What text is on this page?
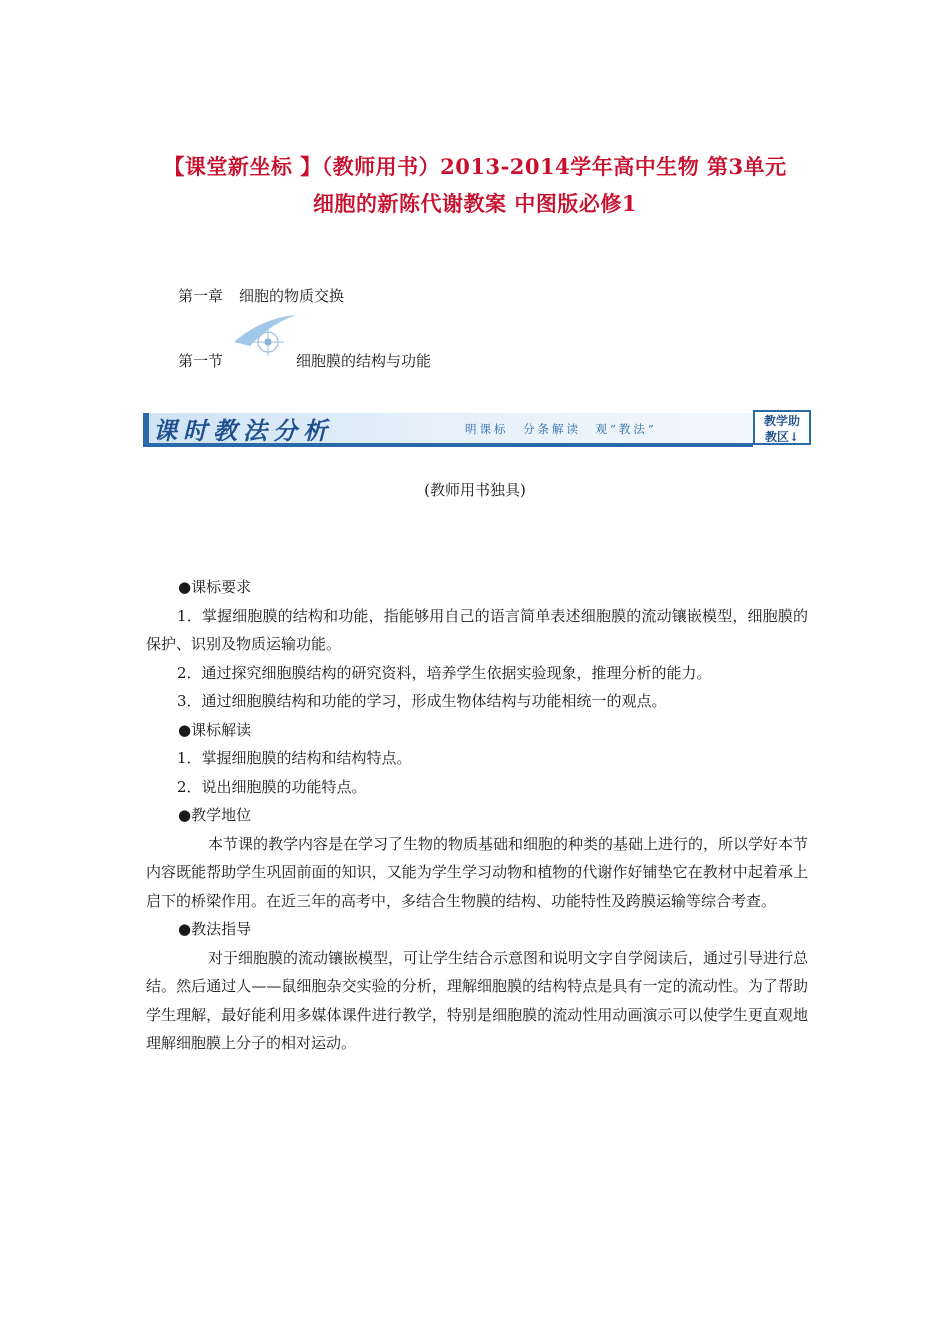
【课堂新坐标 】（教师用书）2013-2014学年高中生物 第3单元
细胞的新陈代谢教案 中图版必修1
第一章 细胞的物质交换
第一节	细胞膜的结构与功能
课时教法分析	明课标　分条解读　观“教法”
教学助
教区↓
(教师用书独具)

●课标要求

1．掌握细胞膜的结构和功能，指能够用自己的语言简单表述细胞膜的流动镶嵌模型，细胞膜的保护、识别及物质运输功能。

2．通过探究细胞膜结构的研究资料，培养学生依据实验现象，推理分析的能力。

3．通过细胞膜结构和功能的学习，形成生物体结构与功能相统一的观点。

●课标解读

1．掌握细胞膜的结构和结构特点。

2．说出细胞膜的功能特点。

●教学地位

本节课的教学内容是在学习了生物的物质基础和细胞的种类的基础上进行的，所以学好本节内容既能帮助学生巩固前面的知识，又能为学生学习动物和植物的代谢作好铺垫它在教材中起着承上启下的桥梁作用。在近三年的高考中，多结合生物膜的结构、功能特性及跨膜运输等综合考查。

●教法指导

对于细胞膜的流动镶嵌模型，可让学生结合示意图和说明文字自学阅读后，通过引导进行总结。然后通过人——鼠细胞杂交实验的分析，理解细胞膜的结构特点是具有一定的流动性。为了帮助学生理解，最好能利用多媒体课件进行教学，特别是细胞膜的流动性用动画演示可以使学生更直观地理解细胞膜上分子的相对运动。
